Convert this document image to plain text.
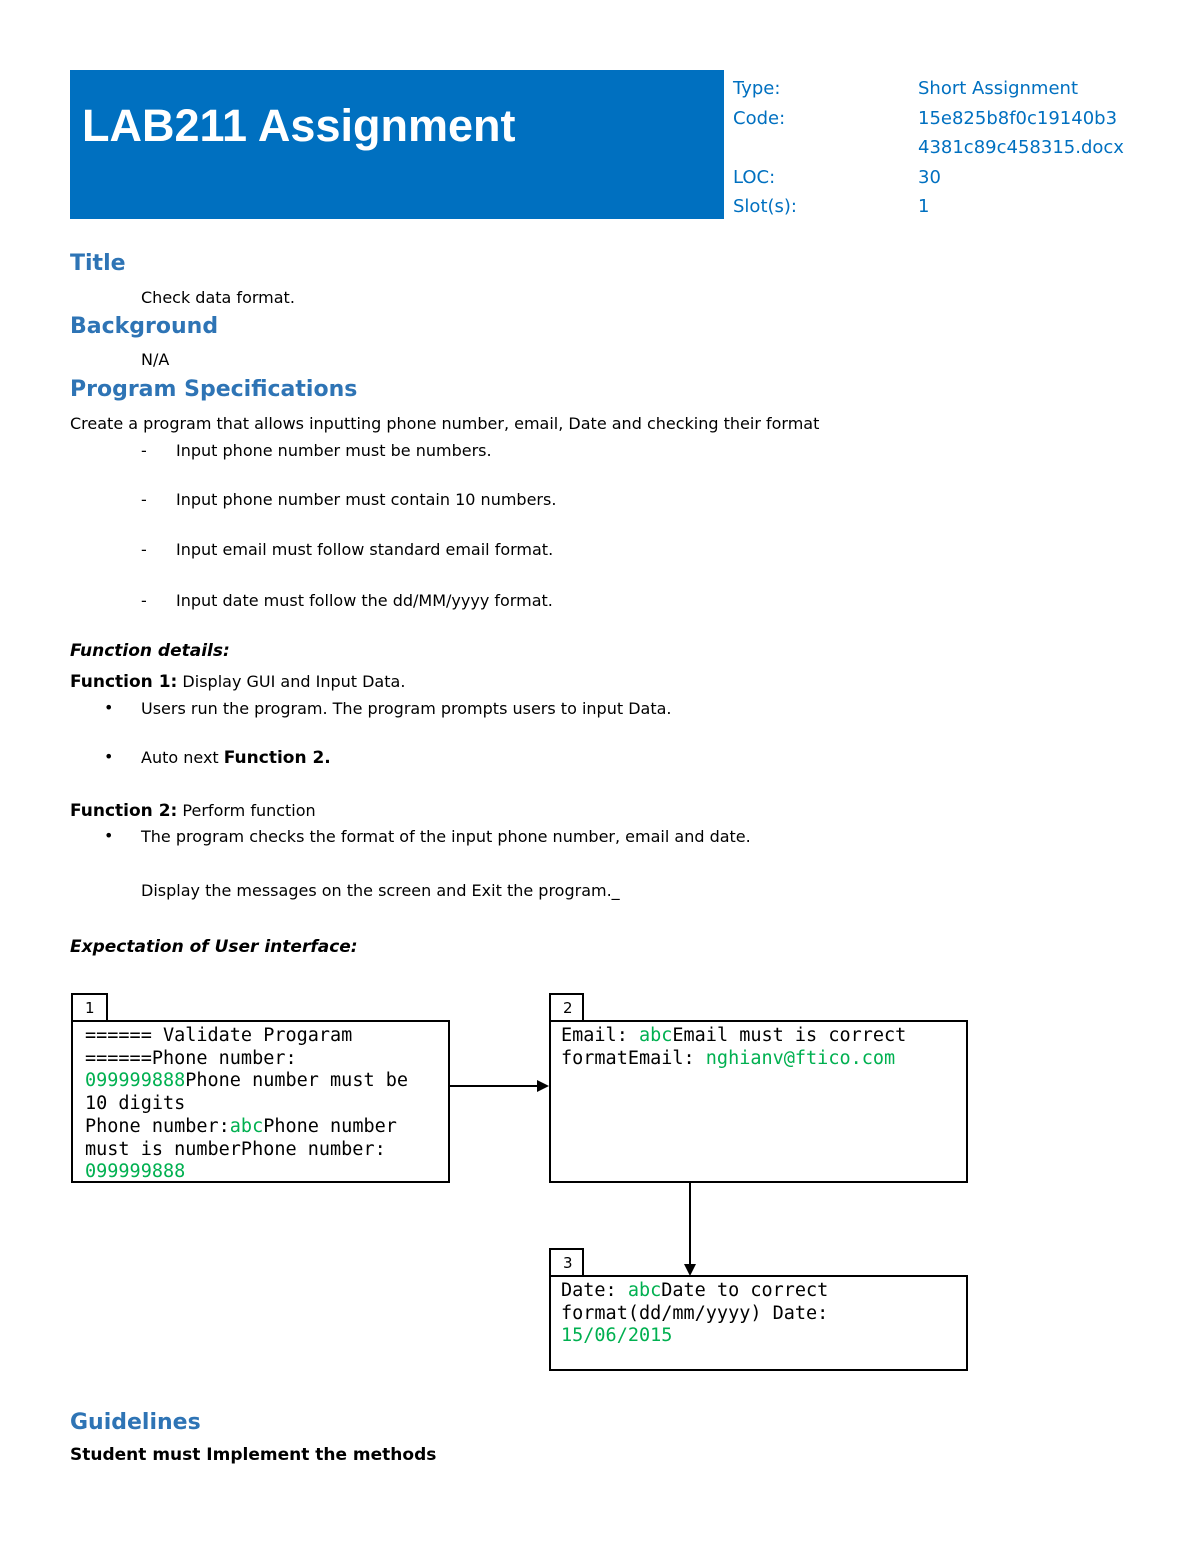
LAB211 Assignment
Type:
Code:
LOC:
Slot(s):
Short Assignment
15e825b8f0c19140b3
4381c89c458315.docx
30
1
Title
Check data format.
Background
N/A
Program Specifications
Create a program that allows inputting phone number, email, Date and checking their format
- Input phone number must be numbers.
- Input phone number must contain 10 numbers.
- Input email must follow standard email format.
- Input date must follow the dd/MM/yyyy format.
Function details:
Function 1: Display GUI and Input Data.
• Users run the program. The program prompts users to input Data.
• Auto next Function 2.
Function 2: Perform function
• The program checks the format of the input phone number, email and date.
Display the messages on the screen and Exit the program._
Expectation of User interface:
1
====== Validate Progaram
======Phone number:
099999888Phone number must be
10 digits
Phone number:abcPhone number
must is numberPhone number:
099999888
2
Email: abcEmail must is correct
formatEmail: nghianv@ftico.com
3
Date: abcDate to correct
format(dd/mm/yyyy) Date:
15/06/2015
Guidelines
Student must Implement the methods
